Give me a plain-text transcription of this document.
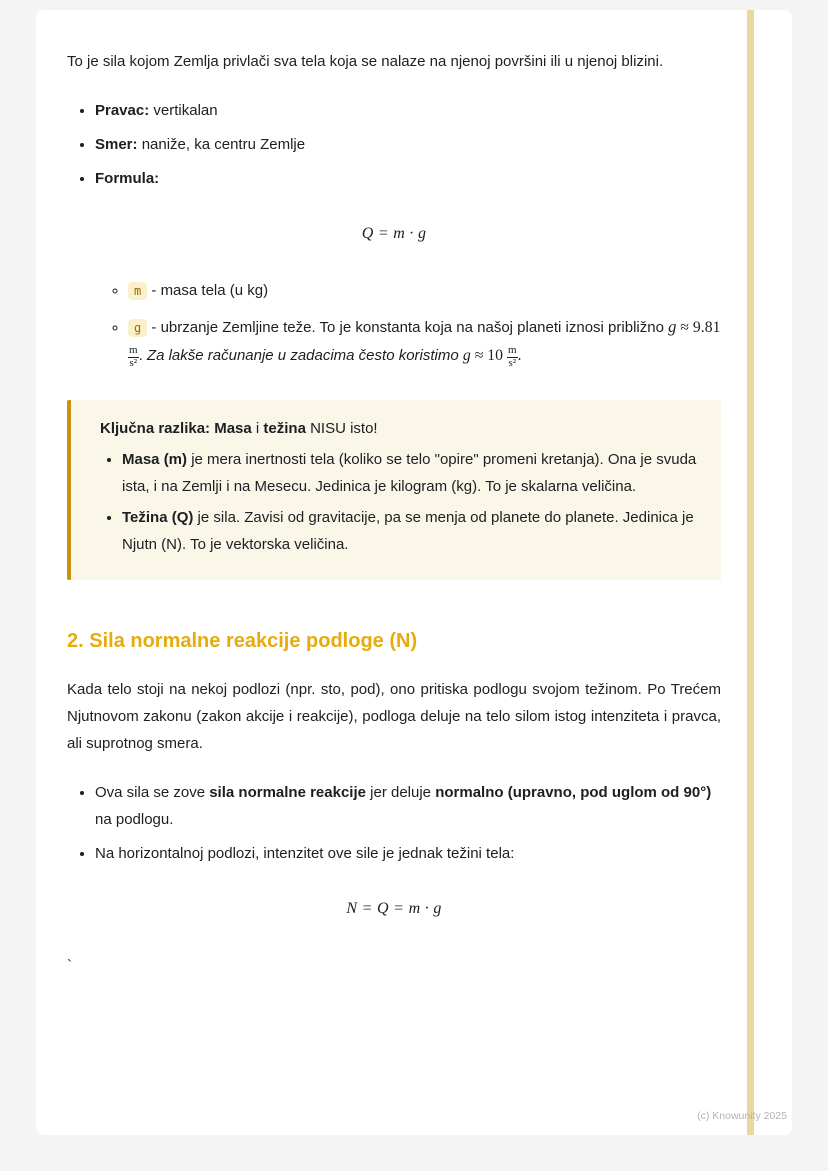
To je sila kojom Zemlja privlači sva tela koja se nalaze na njenoj površini ili u njenoj blizini.

• Pravac: vertikalan
• Smer: naniže, ka centru Zemlje
• Formula:
Q = m · g
◦ m - masa tela (u kg)
◦ g - ubrzanje Zemljine teže. To je konstanta koja na našoj planeti iznosi približno g ≈ 9.81
$\frac{m}{\text{s²}}$ . Za lakše računanje u zadacima često koristimo $g \approx 10 \frac{m}{\text{s²}}$ .

Ključna razlika: Masa i težina NISU isto!

• Masa (m) je mera inertnosti tela (koliko se telo "opire" promeni kretanja). Ona je svuda ista, i na Zemlji i na Mesecu. Jedinica je kilogram (kg). To je skalarna veličina.
• Težina (Q) je sila. Zavisi od gravitacije, pa se menja od planete do planete. Jedinica je Njutn (N). To je vektorska veličina.
2. Sila normalne reakcije podloge (N)

Kada telo stoji na nekoj podlozi (npr. sto, pod), ono pritiska podlogu svojom težinom. Po Trećem Njutnovom zakonu (zakon akcije i reakcije), podloga deluje na telo silom istog intenziteta i pravca, ali suprotnog smera.

• Ova sila se zove sila normalne reakcije jer deluje normalno (upravno, pod uglom od 90°) na podlogu.
• Na horizontalnoj podlozi, intenzitet ove sile je jednak težini tela:
N = Q = m · g

`

(c) Knowunity 2025
